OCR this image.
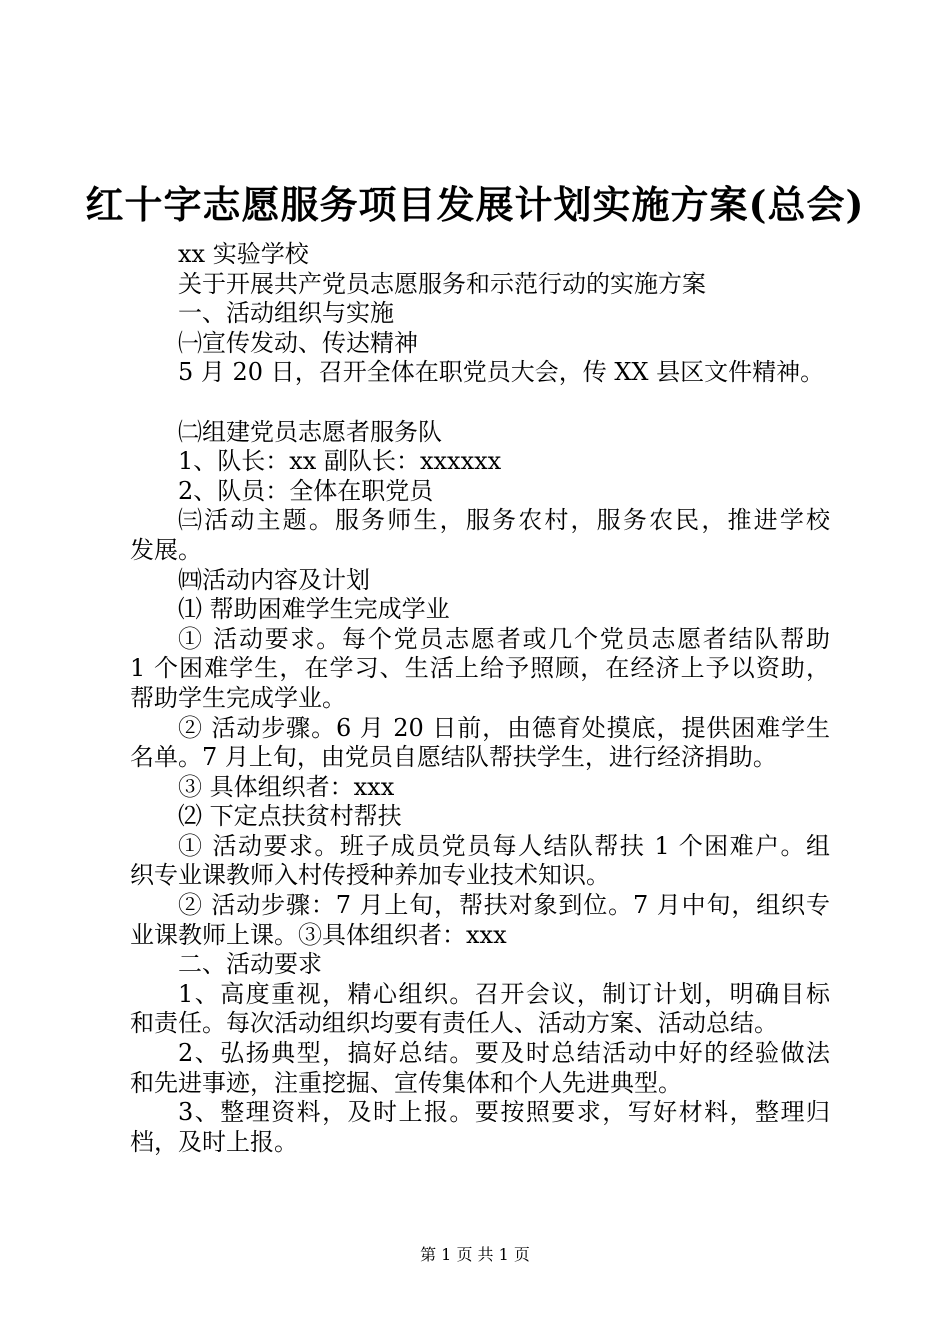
红十字志愿服务项目发展计划实施方案(总会)

xx 实验学校

关于开展共产党员志愿服务和示范行动的实施方案

一、活动组织与实施

㈠宣传发动、传达精神

5 月 20 日，召开全体在职党员大会，传 XX 县区文件精神。

㈡组建党员志愿者服务队

1、队长：xx 副队长：xxxxxx

2、队员：全体在职党员

㈢活动主题。服务师生，服务农村，服务农民，推进学校

发展。

㈣活动内容及计划

⑴ 帮助困难学生完成学业

① 活动要求。每个党员志愿者或几个党员志愿者结队帮助

1 个困难学生，在学习、生活上给予照顾，在经济上予以资助，

帮助学生完成学业。

② 活动步骤。6 月 20 日前，由德育处摸底，提供困难学生

名单。7 月上旬，由党员自愿结队帮扶学生，进行经济捐助。

③ 具体组织者：xxx

⑵ 下定点扶贫村帮扶

① 活动要求。班子成员党员每人结队帮扶 1 个困难户。组

织专业课教师入村传授种养加专业技术知识。

② 活动步骤：7 月上旬，帮扶对象到位。7 月中旬，组织专

业课教师上课。③具体组织者：xxx

二、活动要求

1、高度重视，精心组织。召开会议，制订计划，明确目标

和责任。每次活动组织均要有责任人、活动方案、活动总结。

2、弘扬典型，搞好总结。要及时总结活动中好的经验做法

和先进事迹，注重挖掘、宣传集体和个人先进典型。

3、整理资料，及时上报。要按照要求，写好材料，整理归

档，及时上报。

第 1 页 共 1 页
